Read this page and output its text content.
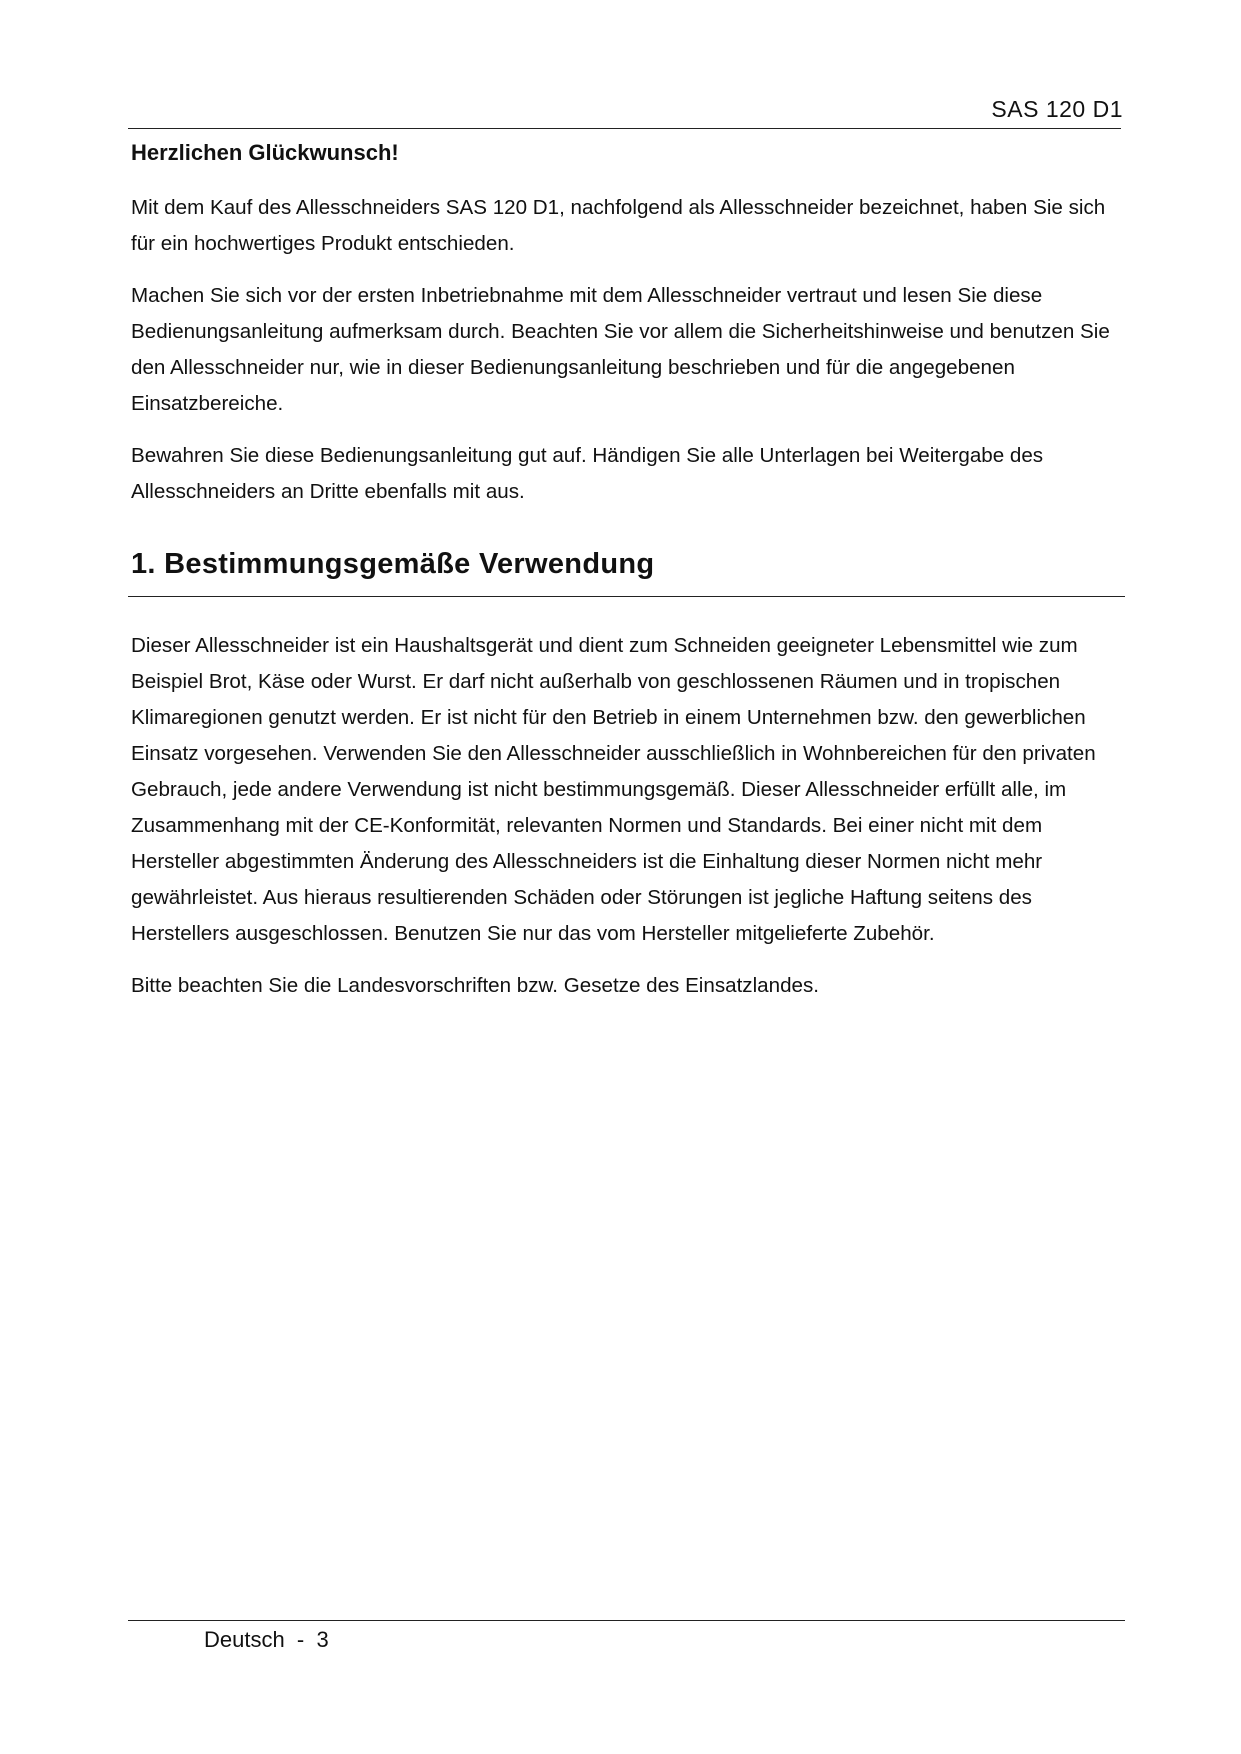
SAS 120 D1
Herzlichen Glückwunsch!

Mit dem Kauf des Allesschneiders SAS 120 D1, nachfolgend als Allesschneider bezeichnet, haben Sie sich für ein hochwertiges Produkt entschieden.

Machen Sie sich vor der ersten Inbetriebnahme mit dem Allesschneider vertraut und lesen Sie diese Bedienungsanleitung aufmerksam durch. Beachten Sie vor allem die Sicherheitshinweise und benutzen Sie den Allesschneider nur, wie in dieser Bedienungsanleitung beschrieben und für die angegebenen Einsatzbereiche.

Bewahren Sie diese Bedienungsanleitung gut auf. Händigen Sie alle Unterlagen bei Weitergabe des Allesschneiders an Dritte ebenfalls mit aus.

1. Bestimmungsgemäße Verwendung

Dieser Allesschneider ist ein Haushaltsgerät und dient zum Schneiden geeigneter Lebensmittel wie zum Beispiel Brot, Käse oder Wurst. Er darf nicht außerhalb von geschlossenen Räumen und in tropischen Klimaregionen genutzt werden. Er ist nicht für den Betrieb in einem Unternehmen bzw. den gewerblichen Einsatz vorgesehen. Verwenden Sie den Allesschneider ausschließlich in Wohnbereichen für den privaten Gebrauch, jede andere Verwendung ist nicht bestimmungsgemäß. Dieser Allesschneider erfüllt alle, im Zusammenhang mit der CE-Konformität, relevanten Normen und Standards. Bei einer nicht mit dem Hersteller abgestimmten Änderung des Allesschneiders ist die Einhaltung dieser Normen nicht mehr gewährleistet. Aus hieraus resultierenden Schäden oder Störungen ist jegliche Haftung seitens des Herstellers ausgeschlossen. Benutzen Sie nur das vom Hersteller mitgelieferte Zubehör.

Bitte beachten Sie die Landesvorschriften bzw. Gesetze des Einsatzlandes.

Deutsch  -  3
